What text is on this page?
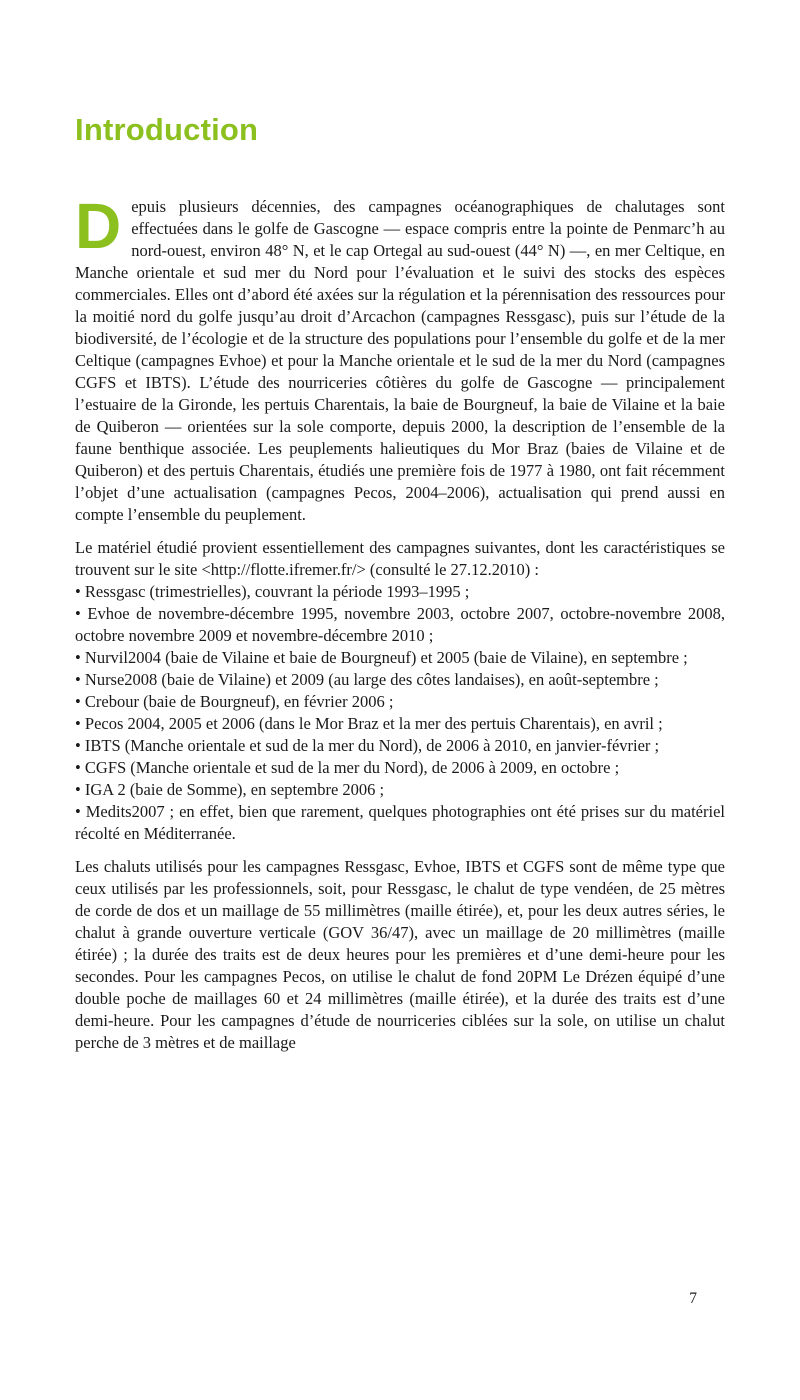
Introduction

Depuis plusieurs décennies, des campagnes océanographiques de chalutages sont effectuées dans le golfe de Gascogne — espace compris entre la pointe de Penmarc’h au nord-ouest, environ 48° N, et le cap Ortegal au sud-ouest (44° N) —, en mer Celtique, en Manche orientale et sud mer du Nord pour l’évaluation et le suivi des stocks des espèces commerciales. Elles ont d’abord été axées sur la régulation et la pérennisation des ressources pour la moitié nord du golfe jusqu’au droit d’Arcachon (campagnes Ressgasc), puis sur l’étude de la biodiversité, de l’écologie et de la structure des populations pour l’ensemble du golfe et de la mer Celtique (campagnes Evhoe) et pour la Manche orientale et le sud de la mer du Nord (campagnes CGFS et IBTS). L’étude des nourriceries côtières du golfe de Gascogne — principalement l’estuaire de la Gironde, les pertuis Charentais, la baie de Bourgneuf, la baie de Vilaine et la baie de Quiberon — orientées sur la sole comporte, depuis 2000, la description de l’ensemble de la faune benthique associée. Les peuplements halieutiques du Mor Braz (baies de Vilaine et de Quiberon) et des pertuis Charentais, étudiés une première fois de 1977 à 1980, ont fait récemment l’objet d’une actualisation (campagnes Pecos, 2004–2006), actualisation qui prend aussi en compte l’ensemble du peuplement.

Le matériel étudié provient essentiellement des campagnes suivantes, dont les caractéristiques se trouvent sur le site <http://flotte.ifremer.fr/> (consulté le 27.12.2010) :

• Ressgasc (trimestrielles), couvrant la période 1993–1995 ;

• Evhoe de novembre-décembre 1995, novembre 2003, octobre 2007, octobre-novembre 2008, octobre novembre 2009 et novembre-décembre 2010 ;

• Nurvil2004 (baie de Vilaine et baie de Bourgneuf) et 2005 (baie de Vilaine), en septembre ;

• Nurse2008 (baie de Vilaine) et 2009 (au large des côtes landaises), en août-septembre ;

• Crebour (baie de Bourgneuf), en février 2006 ;

• Pecos 2004, 2005 et 2006 (dans le Mor Braz et la mer des pertuis Charentais), en avril ;

• IBTS (Manche orientale et sud de la mer du Nord), de 2006 à 2010, en janvier-février ;

• CGFS (Manche orientale et sud de la mer du Nord), de 2006 à 2009, en octobre ;

• IGA 2 (baie de Somme), en septembre 2006 ;

• Medits2007 ; en effet, bien que rarement, quelques photographies ont été prises sur du matériel récolté en Méditerranée.

Les chaluts utilisés pour les campagnes Ressgasc, Evhoe, IBTS et CGFS sont de même type que ceux utilisés par les professionnels, soit, pour Ressgasc, le chalut de type vendéen, de 25 mètres de corde de dos et un maillage de 55 millimètres (maille étirée), et, pour les deux autres séries, le chalut à grande ouverture verticale (GOV 36/47), avec un maillage de 20 millimètres (maille étirée) ; la durée des traits est de deux heures pour les premières et d’une demi-heure pour les secondes. Pour les campagnes Pecos, on utilise le chalut de fond 20PM Le Drézen équipé d’une double poche de maillages 60 et 24 millimètres (maille étirée), et la durée des traits est d’une demi-heure. Pour les campagnes d’étude de nourriceries ciblées sur la sole, on utilise un chalut perche de 3 mètres et de maillage

7
